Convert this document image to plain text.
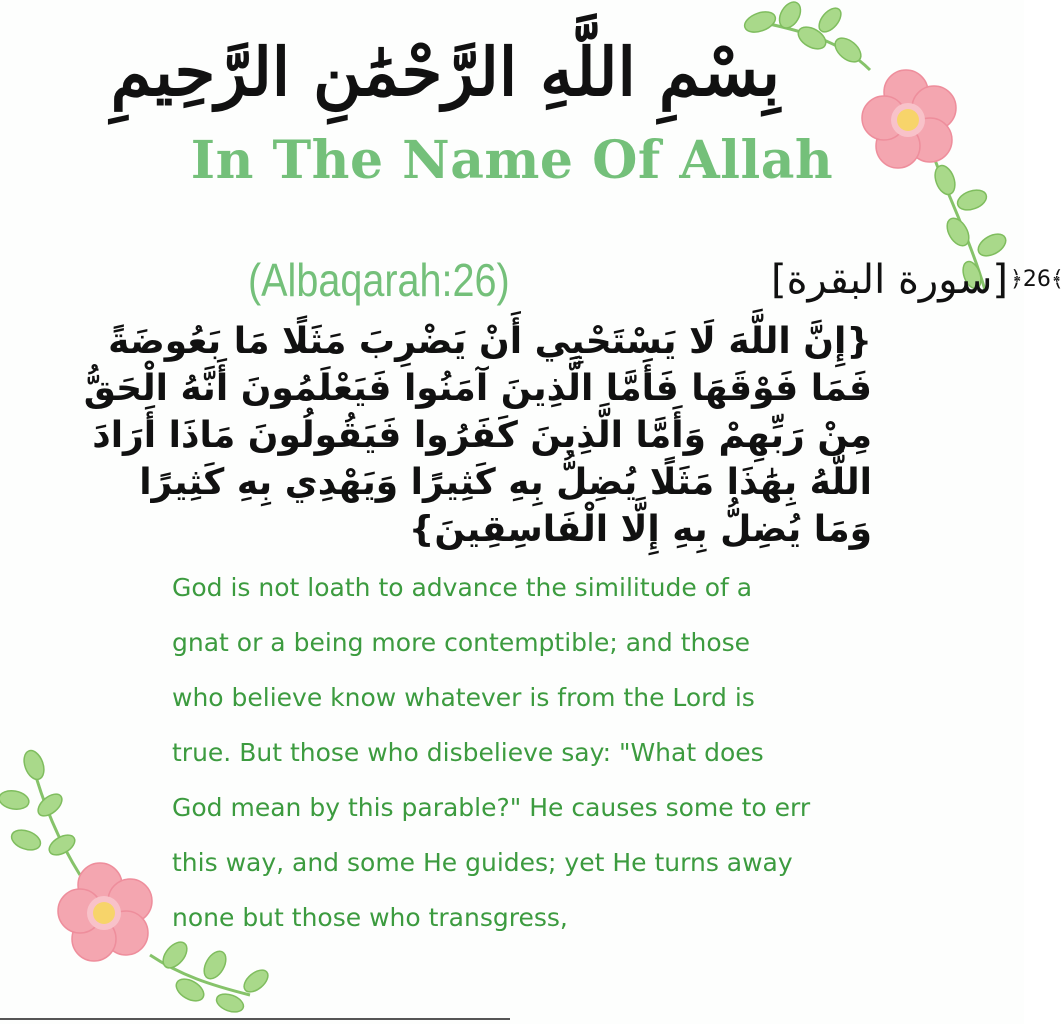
بِسْمِ اللَّهِ الرَّحْمَٰنِ الرَّحِيمِ
In The Name Of Allah
(Albaqarah:26)	[سورة البقرة] ﴿26﴾
{إِنَّ اللَّهَ لَا يَسْتَحْيِي أَنْ يَضْرِبَ مَثَلًا مَا بَعُوضَةً
فَمَا فَوْقَهَا فَأَمَّا الَّذِينَ آمَنُوا فَيَعْلَمُونَ أَنَّهُ الْحَقُّ
مِنْ رَبِّهِمْ وَأَمَّا الَّذِينَ كَفَرُوا فَيَقُولُونَ مَاذَا أَرَادَ
اللَّهُ بِهَٰذَا مَثَلًا يُضِلُّ بِهِ كَثِيرًا وَيَهْدِي بِهِ كَثِيرًا
وَمَا يُضِلُّ بِهِ إِلَّا الْفَاسِقِينَ}
God is not loath to advance the similitude of a
gnat or a being more contemptible; and those
who believe know whatever is from the Lord is
true. But those who disbelieve say: "What does
God mean by this parable?" He causes some to err
this way, and some He guides; yet He turns away
none but those who transgress,
